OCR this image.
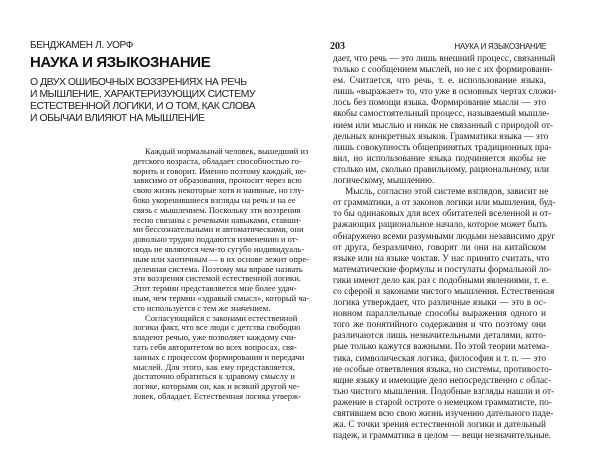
БЕНДЖАМЕН Л. УОРФ
НАУКА И ЯЗЫКОЗНАНИЕ
О ДВУХ ОШИБОЧНЫХ ВОЗЗРЕНИЯХ НА РЕЧЬ
И МЫШЛЕНИЕ, ХАРАКТЕРИЗУЮЩИХ СИСТЕМУ
ЕСТЕСТВЕННОЙ ЛОГИКИ, И О ТОМ, КАК СЛОВА
И ОБЫЧАИ ВЛИЯЮТ НА МЫШЛЕНИЕ
Каждый нормальный человек, вышедший из
детского возраста, обладает способностью го-
ворить и говорит. Именно поэтому каждый, не-
зависимо от образования, проносит через всю
свою жизнь некоторые хотя и наивные, но глу-
боко укоренившиеся взгляды на речь и на ее
связь с мышлением. Поскольку эти воззрения
тесно связаны с речевыми навыками, ставши-
ми бессознательными и автоматическими, они
довольно трудно поддаются изменению и от-
нюдь не являются чем-то сугубо индивидуаль-
ным или хаотичным — в их основе лежит опре-
деленная система. Поэтому мы вправе назвать
эти воззрения системой естественной логики.
Этот термин представляется мне более удач-
ным, чем термин «здравый смысл», который ча-
сто используется с тем же значением.
Согласующийся с законами естественной
логики факт, что все люди с детства свободно
владеют речью, уже позволяет каждому счи-
тать себя авторитетом во всех вопросах, свя-
занных с процессом формирования и передачи
мыслей. Для этого, как ему представляется,
достаточно обратиться к здравому смыслу и
логике, которыми он, как и всякий другой че-
ловек, обладает. Естественная логика утверж-
203	НАУКА И ЯЗЫКОЗНАНИЕ
дает, что речь — это лишь внешний процесс, связанный
только с сообщением мыслей, но не с их формировани-
ем. Считается, что речь, т. е. использование языка,
лишь «выражает» то, что уже в основных чертах сложи-
лось без помощи языка. Формирование мысли — это
якобы самостоятельный процесс, называемый мышле-
нием или мыслью и никак не связанный с природой от-
дельных конкретных языков. Грамматика языка — это
лишь совокупность общепринятых традиционных пра-
вил, но использование языка подчиняется якобы не
столько им, сколько правильному, рациональному, или
логическому, мышлению.
Мысль, согласно этой системе взглядов, зависит не
от грамматики, а от законов логики или мышления, буд-
то бы одинаковых для всех обитателей вселенной и от-
ражающих рациональное начало, которое может быть
обнаружено всеми разумными людьми независимо друг
от друга, безразлично, говорят ли они на китайском
языке или на языке чоктав. У нас принято считать, что
математические формулы и постулаты формальной ло-
гики имеют дело как раз с подобными явлениями, т. е.
со сферой и законами чистого мышления. Естественная
логика утверждает, что различные языки — это в ос-
новном параллельные способы выражения одного и
того же понятийного содержания и что поэтому они
различаются лишь незначительными деталями, кото-
рые только кажутся важными. По этой теории матема-
тика, символическая логика, философия и т. п. — это
не особые ответвления языка, но системы, противосто-
ящие языку и имеющие дело непосредственно с облас-
тью чистого мышления. Подобные взгляды нашли и от-
ражение в старой остроте о немецком грамматисте, по-
святившем всю свою жизнь изучению дательного паде-
жа. С точки зрения естественной логики и дательный
падеж, и грамматика в целом — вещи незначительные.
